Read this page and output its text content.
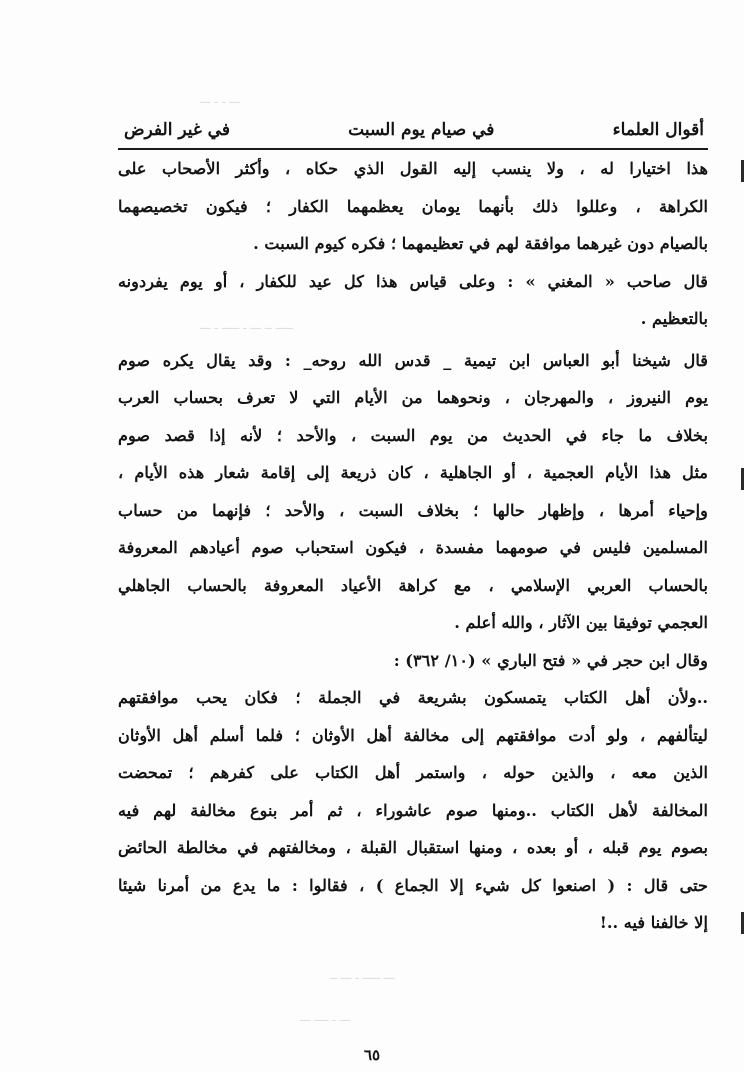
ـــ ـ ـ ـــ
ـــــ ــ ـــ ـ ـــــ ـ ـــ
ـــ ـــــ ـ ـــ ــ
ـــ ـ ــــ ـــ
أقوال العلماء
في صيام يوم السبت
في غير الفرض
هذا اختيارا له ، ولا ينسب إليه القول الذي حكاه ، وأكثر الأصحاب على
الكراهة ، وعللوا ذلك بأنهما يومان يعظمهما الكفار ؛ فيكون تخصيصهما
بالصيام دون غيرهما موافقة لهم في تعظيمهما ؛ فكره كيوم السبت .
قال صاحب « المغني » : وعلى قياس هذا كل عيد للكفار ، أو يوم يفردونه
بالتعظيم .
قال شيخنا أبو العباس ابن تيمية _ قدس الله روحه_ : وقد يقال يكره صوم
يوم النيروز ، والمهرجان ، ونحوهما من الأيام التي لا تعرف بحساب العرب
بخلاف ما جاء في الحديث من يوم السبت ، والأحد ؛ لأنه إذا قصد صوم
مثل هذا الأيام العجمية ، أو الجاهلية ، كان ذريعة إلى إقامة شعار هذه الأيام ،
وإحياء أمرها ، وإظهار حالها ؛ بخلاف السبت ، والأحد ؛ فإنهما من حساب
المسلمين فليس في صومهما مفسدة ، فيكون استحباب صوم أعيادهم المعروفة
بالحساب العربي الإسلامي ، مع كراهة الأعياد المعروفة بالحساب الجاهلي
العجمي توفيقا بين الآثار ، والله أعلم .
وقال ابن حجر في « فتح الباري » (١٠/ ٣٦٢) :
..ولأن أهل الكتاب يتمسكون بشريعة في الجملة ؛ فكان يحب موافقتهم
ليتألفهم ، ولو أدت موافقتهم إلى مخالفة أهل الأوثان ؛ فلما أسلم أهل الأوثان
الذين معه ، والذين حوله ، واستمر أهل الكتاب على كفرهم ؛ تمحضت
المخالفة لأهل الكتاب ..ومنها صوم عاشوراء ، ثم أمر بنوع مخالفة لهم فيه
بصوم يوم قبله ، أو بعده ، ومنها استقبال القبلة ، ومخالفتهم في مخالطة الحائض
حتى قال : ( اصنعوا كل شيء إلا الجماع ) ، فقالوا : ما يدع من أمرنا شيئا
إلا خالفنا فيه ..!
٦٥
